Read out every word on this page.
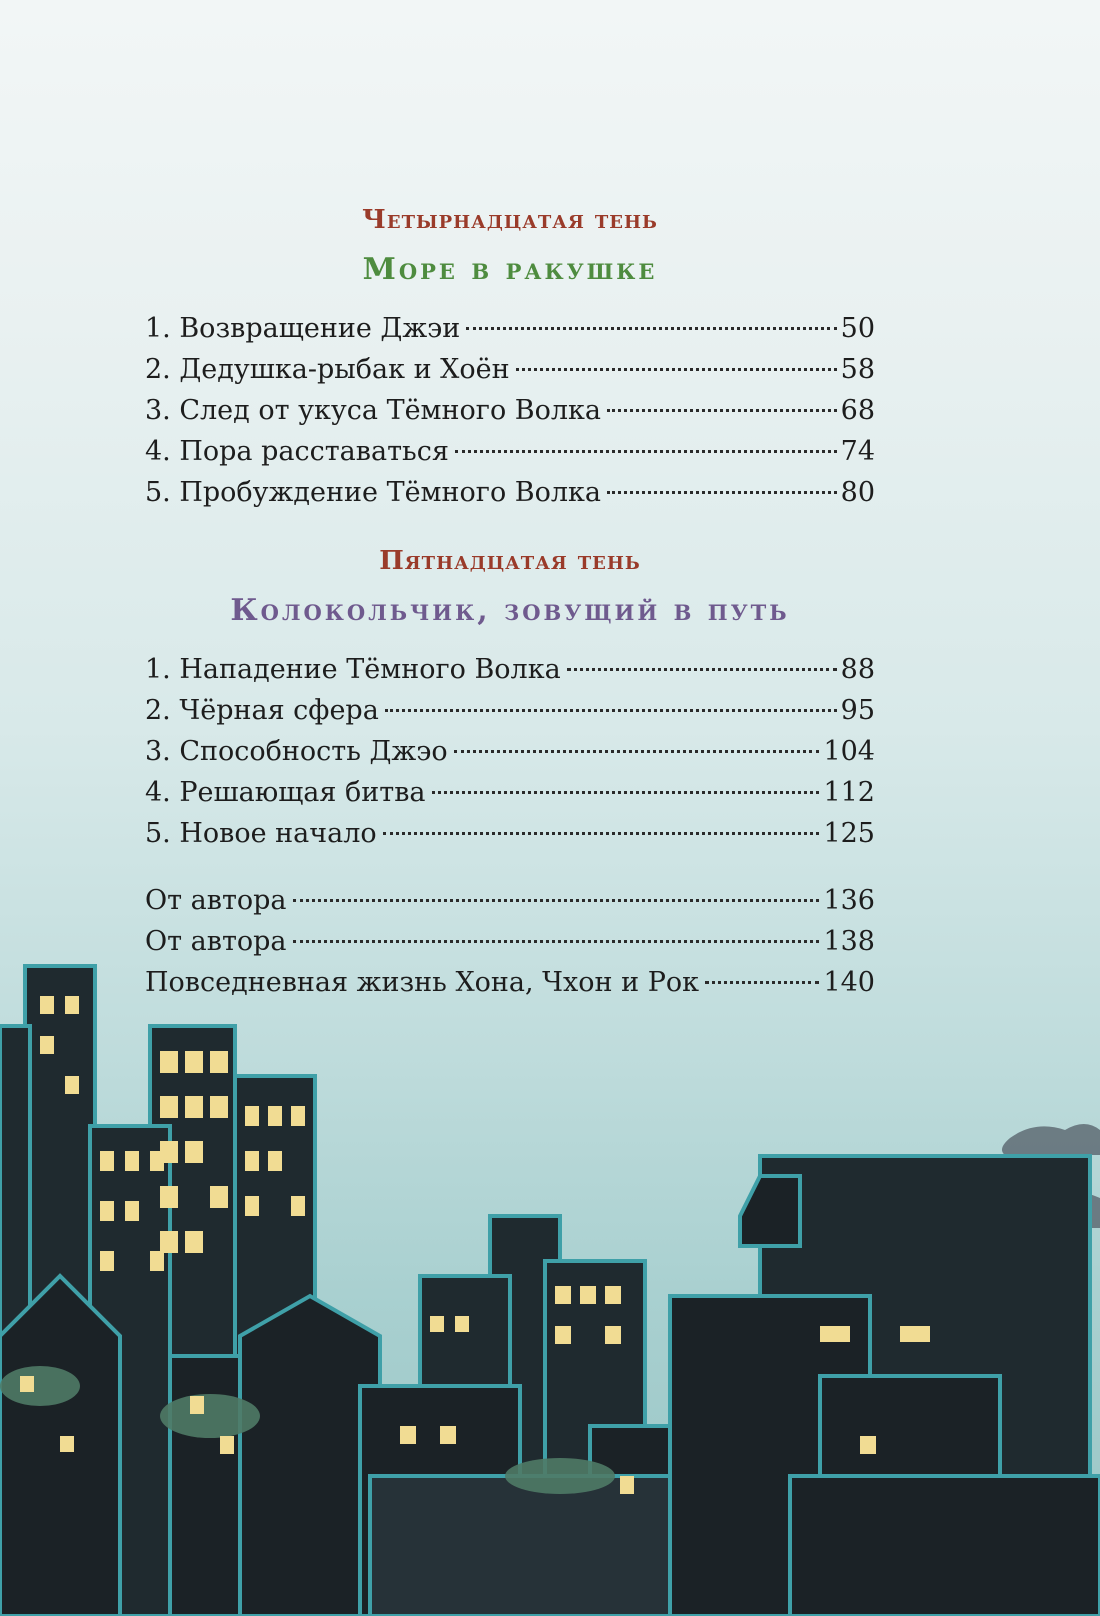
Четырнадцатая тень
Море в ракушке
1. Возвращение Джэи	50
2. Дедушка-рыбак и Хоён	58
3. След от укуса Тёмного Волка	68
4. Пора расставаться	74
5. Пробуждение Тёмного Волка	80
Пятнадцатая тень
Колокольчик, зовущий в путь
1. Нападение Тёмного Волка	88
2. Чёрная сфера	95
3. Способность Джэо	104
4. Решающая битва	112
5. Новое начало	125
От автора	136
От автора	138
Повседневная жизнь Хона, Чхон и Рок	140
